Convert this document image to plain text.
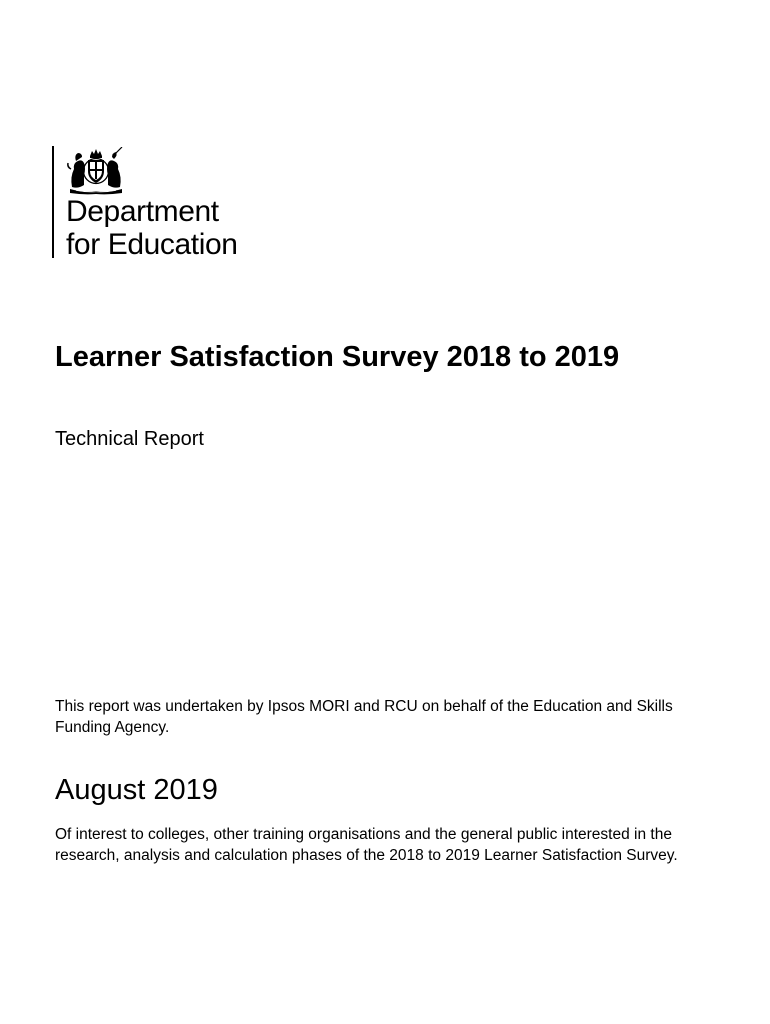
Department
for Education
Learner Satisfaction Survey 2018 to 2019
Technical Report

This report was undertaken by Ipsos MORI and RCU on behalf of the Education and Skills Funding Agency.

August 2019

Of interest to colleges, other training organisations and the general public interested in the research, analysis and calculation phases of the 2018 to 2019 Learner Satisfaction Survey.
